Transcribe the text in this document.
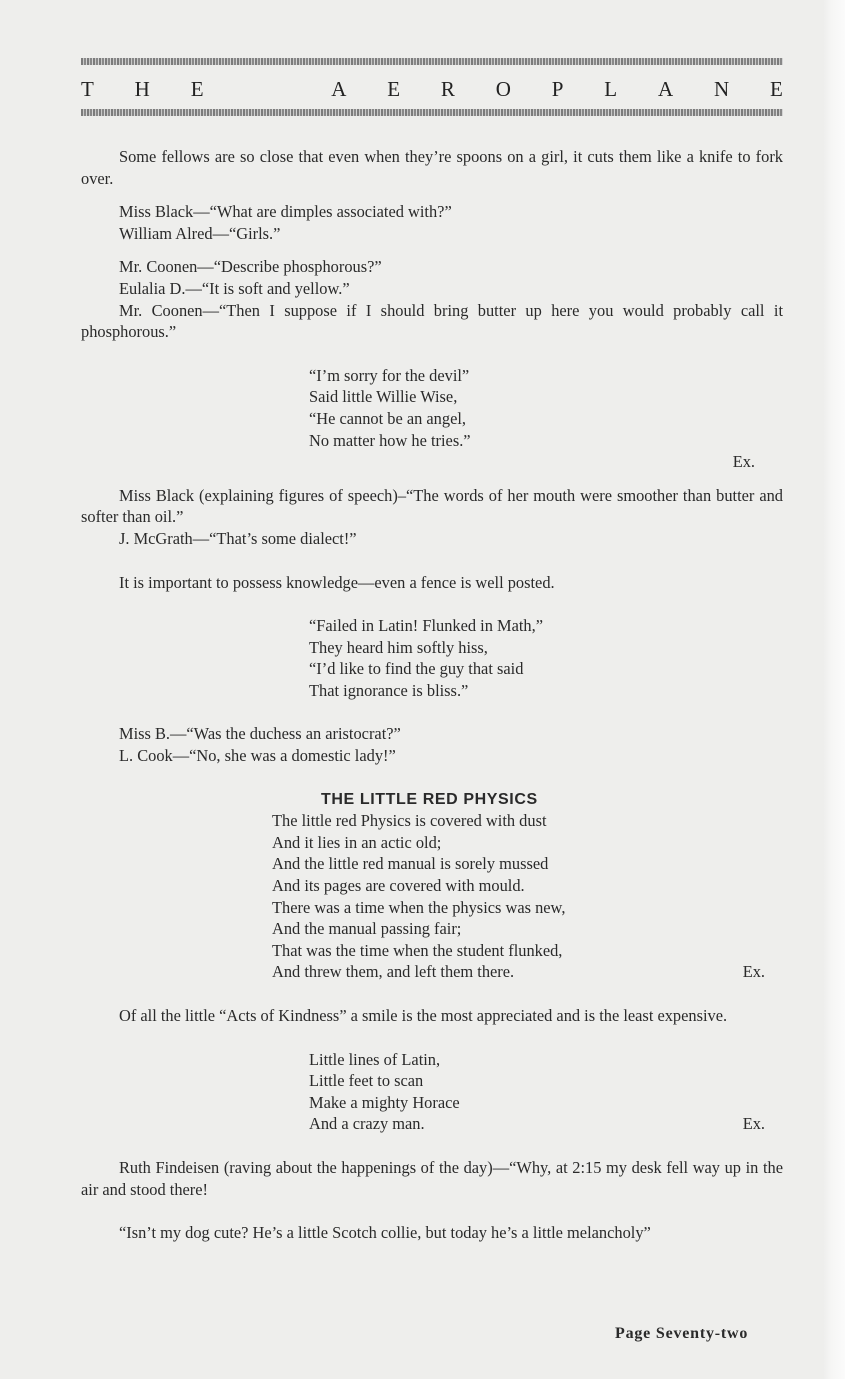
T H E	A E R O P L A N E

Some fellows are so close that even when they’re spoons on a girl, it cuts them like a knife to fork over.

Miss Black—“What are dimples associated with?”

William Alred—“Girls.”

Mr. Coonen—“Describe phosphorous?”

Eulalia D.—“It is soft and yellow.”

Mr. Coonen—“Then I suppose if I should bring butter up here you would probably call it phosphorous.”

“I’m sorry for the devil”

Said little Willie Wise,

“He cannot be an angel,

No matter how he tries.”

Ex.

Miss Black (explaining figures of speech)–“The words of her mouth were smoother than butter and softer than oil.”

J. McGrath—“That’s some dialect!”

It is important to possess knowledge—even a fence is well posted.

“Failed in Latin! Flunked in Math,”

They heard him softly hiss,

“I’d like to find the guy that said

That ignorance is bliss.”

Miss B.—“Was the duchess an aristocrat?”

L. Cook—“No, she was a domestic lady!”

THE LITTLE RED PHYSICS

The little red Physics is covered with dust

And it lies in an actic old;

And the little red manual is sorely mussed

And its pages are covered with mould.

There was a time when the physics was new,

And the manual passing fair;

That was the time when the student flunked,

And threw them, and left them there.	Ex.

Of all the little “Acts of Kindness” a smile is the most appreciated and is the least expensive.

Little lines of Latin,

Little feet to scan

Make a mighty Horace

And a crazy man.	Ex.

Ruth Findeisen (raving about the happenings of the day)—“Why, at 2:15 my desk fell way up in the air and stood there!

“Isn’t my dog cute? He’s a little Scotch collie, but today he’s a little melancholy”

Page Seventy-two
